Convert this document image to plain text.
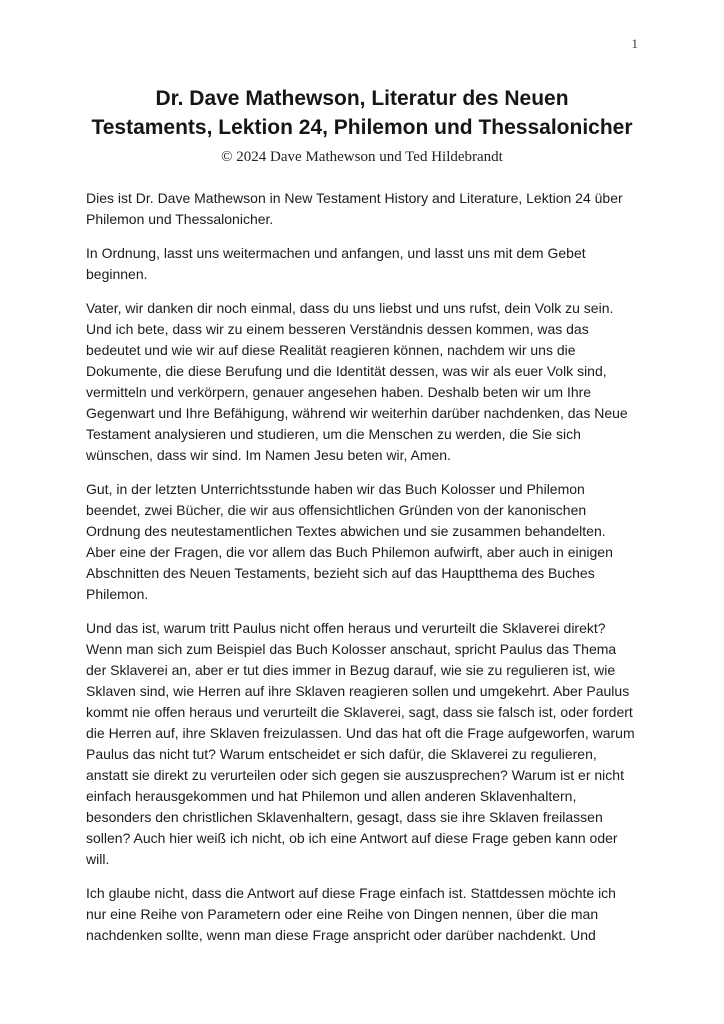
1
Dr. Dave Mathewson, Literatur des Neuen
Testaments, Lektion 24, Philemon und Thessalonicher
© 2024 Dave Mathewson und Ted Hildebrandt

Dies ist Dr. Dave Mathewson in New Testament History and Literature, Lektion 24 über Philemon und Thessalonicher.

In Ordnung, lasst uns weitermachen und anfangen, und lasst uns mit dem Gebet beginnen.

Vater, wir danken dir noch einmal, dass du uns liebst und uns rufst, dein Volk zu sein. Und ich bete, dass wir zu einem besseren Verständnis dessen kommen, was das bedeutet und wie wir auf diese Realität reagieren können, nachdem wir uns die Dokumente, die diese Berufung und die Identität dessen, was wir als euer Volk sind, vermitteln und verkörpern, genauer angesehen haben. Deshalb beten wir um Ihre Gegenwart und Ihre Befähigung, während wir weiterhin darüber nachdenken, das Neue Testament analysieren und studieren, um die Menschen zu werden, die Sie sich wünschen, dass wir sind. Im Namen Jesu beten wir, Amen.

Gut, in der letzten Unterrichtsstunde haben wir das Buch Kolosser und Philemon beendet, zwei Bücher, die wir aus offensichtlichen Gründen von der kanonischen Ordnung des neutestamentlichen Textes abwichen und sie zusammen behandelten. Aber eine der Fragen, die vor allem das Buch Philemon aufwirft, aber auch in einigen Abschnitten des Neuen Testaments, bezieht sich auf das Hauptthema des Buches Philemon.

Und das ist, warum tritt Paulus nicht offen heraus und verurteilt die Sklaverei direkt? Wenn man sich zum Beispiel das Buch Kolosser anschaut, spricht Paulus das Thema der Sklaverei an, aber er tut dies immer in Bezug darauf, wie sie zu regulieren ist, wie Sklaven sind, wie Herren auf ihre Sklaven reagieren sollen und umgekehrt. Aber Paulus kommt nie offen heraus und verurteilt die Sklaverei, sagt, dass sie falsch ist, oder fordert die Herren auf, ihre Sklaven freizulassen. Und das hat oft die Frage aufgeworfen, warum Paulus das nicht tut? Warum entscheidet er sich dafür, die Sklaverei zu regulieren, anstatt sie direkt zu verurteilen oder sich gegen sie auszusprechen? Warum ist er nicht einfach herausgekommen und hat Philemon und allen anderen Sklavenhaltern, besonders den christlichen Sklavenhaltern, gesagt, dass sie ihre Sklaven freilassen sollen? Auch hier weiß ich nicht, ob ich eine Antwort auf diese Frage geben kann oder will.

Ich glaube nicht, dass die Antwort auf diese Frage einfach ist. Stattdessen möchte ich nur eine Reihe von Parametern oder eine Reihe von Dingen nennen, über die man nachdenken sollte, wenn man diese Frage anspricht oder darüber nachdenkt. Und
